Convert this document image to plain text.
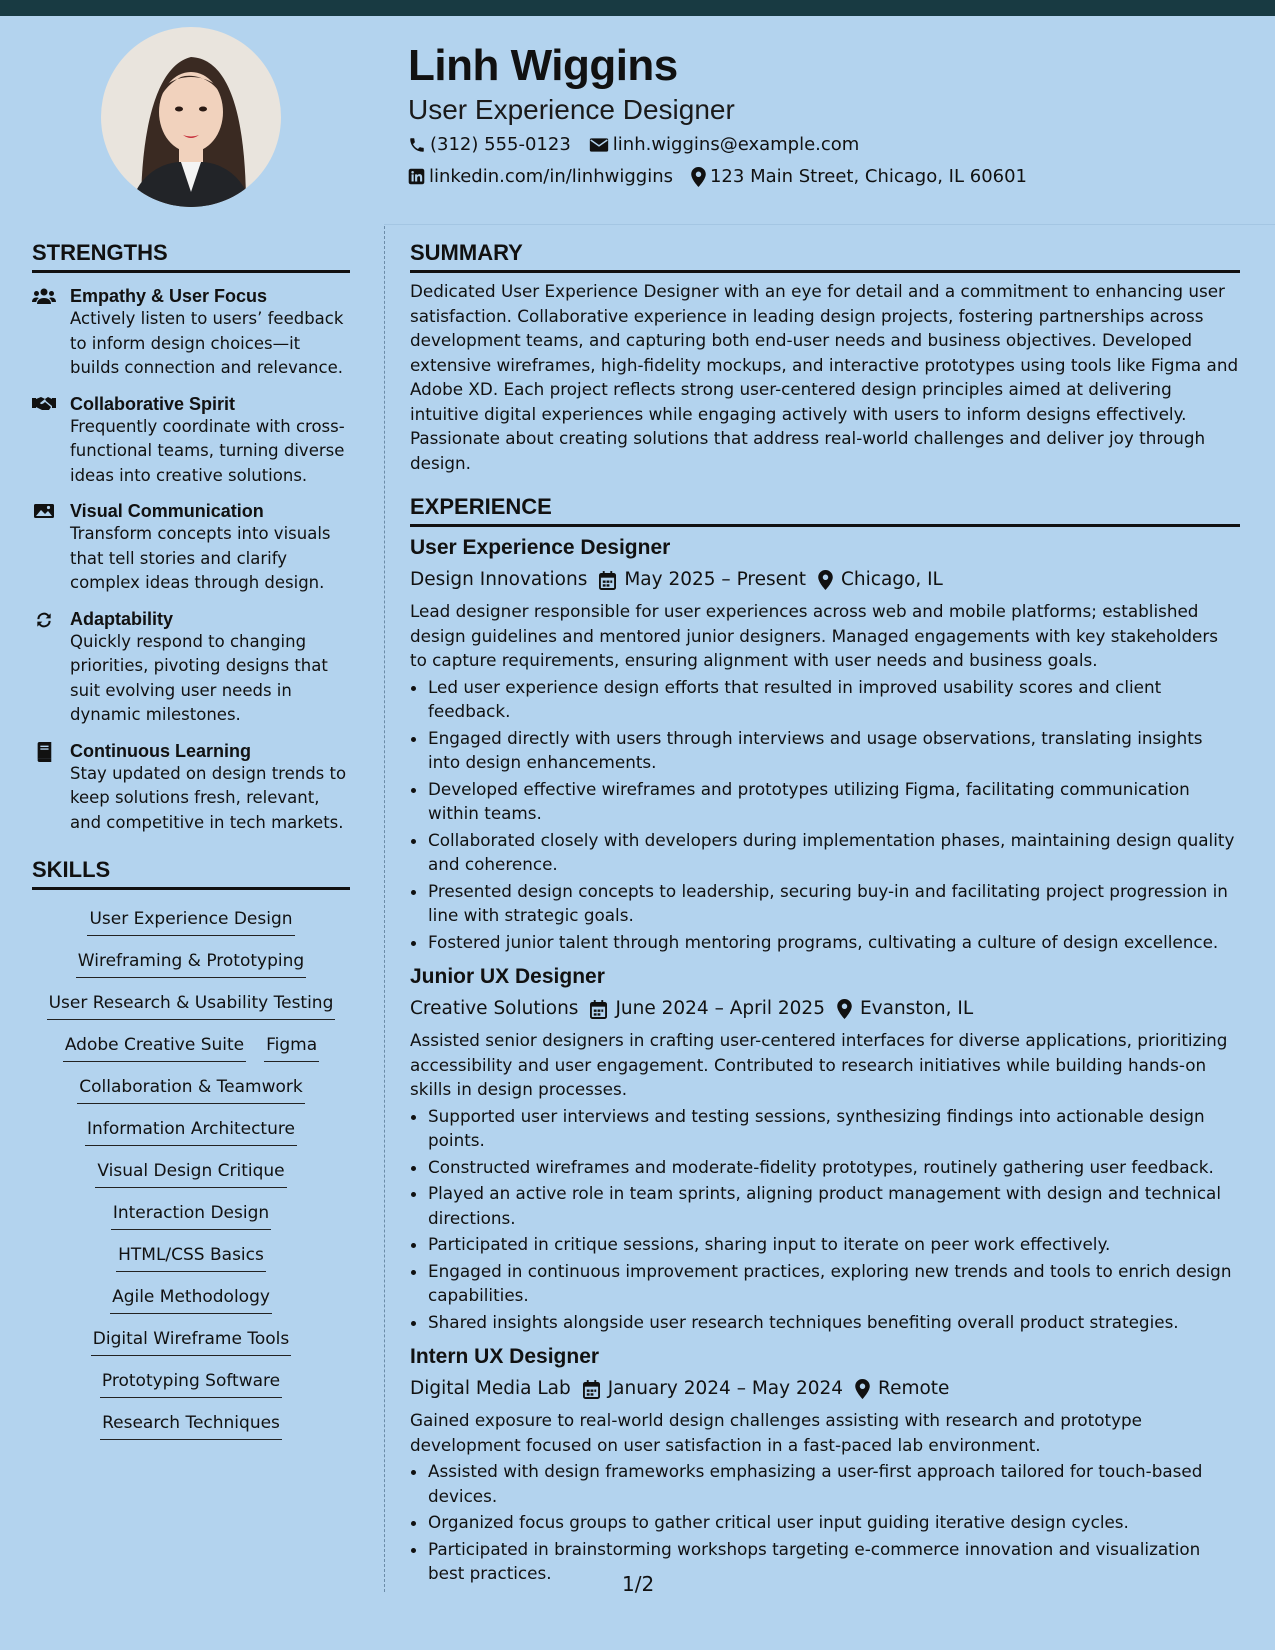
Linh Wiggins
User Experience Designer
(312) 555-0123 linh.wiggins@example.com
linkedin.com/in/linhwiggins 123 Main Street, Chicago, IL 60601
STRENGTHS
Empathy & User Focus
Actively listen to users’ feedback to inform design choices—it builds connection and relevance.
Collaborative Spirit
Frequently coordinate with cross-functional teams, turning diverse ideas into creative solutions.
Visual Communication
Transform concepts into visuals that tell stories and clarify complex ideas through design.
Adaptability
Quickly respond to changing priorities, pivoting designs that suit evolving user needs in dynamic milestones.
Continuous Learning
Stay updated on design trends to keep solutions fresh, relevant, and competitive in tech markets.
SKILLS
User Experience Design
Wireframing & Prototyping
User Research & Usability Testing
Adobe Creative Suite Figma
Collaboration & Teamwork
Information Architecture
Visual Design Critique
Interaction Design
HTML/CSS Basics
Agile Methodology
Digital Wireframe Tools
Prototyping Software
Research Techniques
SUMMARY

Dedicated User Experience Designer with an eye for detail and a commitment to enhancing user satisfaction. Collaborative experience in leading design projects, fostering partnerships across development teams, and capturing both end-user needs and business objectives. Developed extensive wireframes, high-fidelity mockups, and interactive prototypes using tools like Figma and Adobe XD. Each project reflects strong user-centered design principles aimed at delivering intuitive digital experiences while engaging actively with users to inform designs effectively. Passionate about creating solutions that address real-world challenges and deliver joy through design.

EXPERIENCE
User Experience Designer
Design Innovations May 2025 – Present Chicago, IL

Lead designer responsible for user experiences across web and mobile platforms; established design guidelines and mentored junior designers. Managed engagements with key stakeholders to capture requirements, ensuring alignment with user needs and business goals.

• Led user experience design efforts that resulted in improved usability scores and client feedback.
• Engaged directly with users through interviews and usage observations, translating insights into design enhancements.
• Developed effective wireframes and prototypes utilizing Figma, facilitating communication within teams.
• Collaborated closely with developers during implementation phases, maintaining design quality and coherence.
• Presented design concepts to leadership, securing buy-in and facilitating project progression in line with strategic goals.
• Fostered junior talent through mentoring programs, cultivating a culture of design excellence.
Junior UX Designer
Creative Solutions June 2024 – April 2025 Evanston, IL

Assisted senior designers in crafting user-centered interfaces for diverse applications, prioritizing accessibility and user engagement. Contributed to research initiatives while building hands-on skills in design processes.

• Supported user interviews and testing sessions, synthesizing findings into actionable design points.
• Constructed wireframes and moderate-fidelity prototypes, routinely gathering user feedback.
• Played an active role in team sprints, aligning product management with design and technical directions.
• Participated in critique sessions, sharing input to iterate on peer work effectively.
• Engaged in continuous improvement practices, exploring new trends and tools to enrich design capabilities.
• Shared insights alongside user research techniques benefiting overall product strategies.
Intern UX Designer
Digital Media Lab January 2024 – May 2024 Remote

Gained exposure to real-world design challenges assisting with research and prototype development focused on user satisfaction in a fast-paced lab environment.

• Assisted with design frameworks emphasizing a user-first approach tailored for touch-based devices.
• Organized focus groups to gather critical user input guiding iterative design cycles.
• Participated in brainstorming workshops targeting e-commerce innovation and visualization best practices.	1/2
